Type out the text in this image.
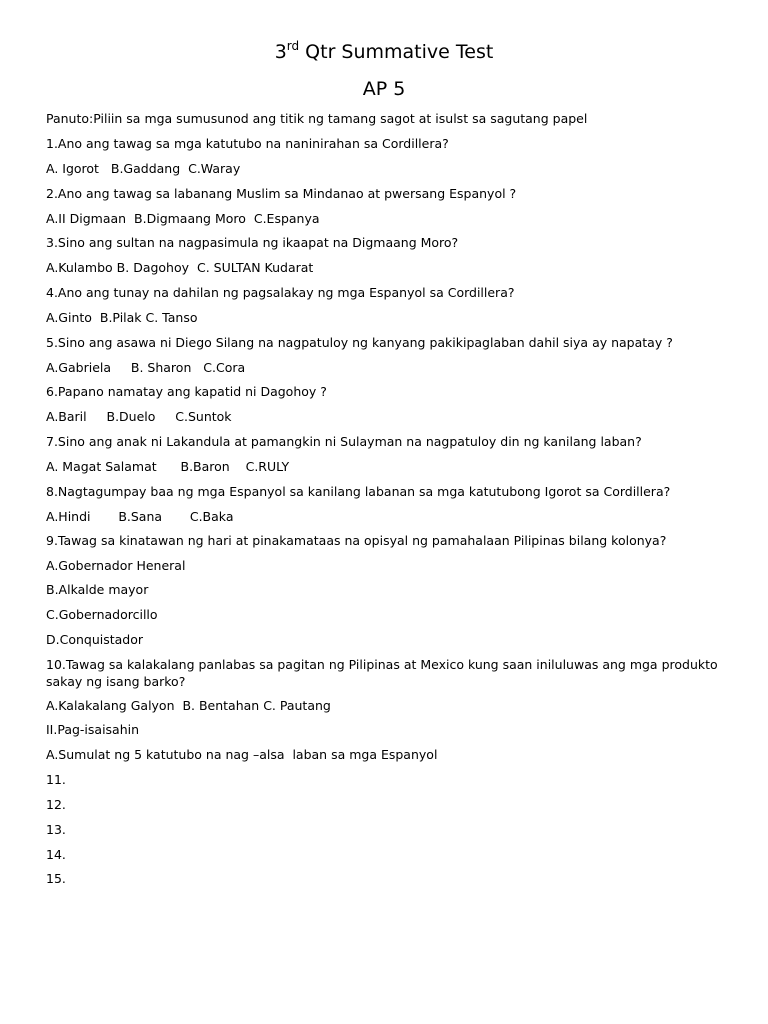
3rd Qtr Summative Test
AP 5
Panuto:Piliin sa mga sumusunod ang titik ng tamang sagot at isulst sa sagutang papel
1.Ano ang tawag sa mga katutubo na naninirahan sa Cordillera?
A. Igorot   B.Gaddang  C.Waray
2.Ano ang tawag sa labanang Muslim sa Mindanao at pwersang Espanyol ?
A.II Digmaan  B.Digmaang Moro  C.Espanya
3.Sino ang sultan na nagpasimula ng ikaapat na Digmaang Moro?
A.Kulambo B. Dagohoy  C. SULTAN Kudarat
4.Ano ang tunay na dahilan ng pagsalakay ng mga Espanyol sa Cordillera?
A.Ginto  B.Pilak C. Tanso
5.Sino ang asawa ni Diego Silang na nagpatuloy ng kanyang pakikipaglaban dahil siya ay napatay ?
A.Gabriela     B. Sharon   C.Cora
6.Papano namatay ang kapatid ni Dagohoy ?
A.Baril     B.Duelo     C.Suntok
7.Sino ang anak ni Lakandula at pamangkin ni Sulayman na nagpatuloy din ng kanilang laban?
A. Magat Salamat      B.Baron    C.RULY
8.Nagtagumpay baa ng mga Espanyol sa kanilang labanan sa mga katutubong Igorot sa Cordillera?
A.Hindi       B.Sana       C.Baka
9.Tawag sa kinatawan ng hari at pinakamataas na opisyal ng pamahalaan Pilipinas bilang kolonya?
A.Gobernador Heneral
B.Alkalde mayor
C.Gobernadorcillo
D.Conquistador
10.Tawag sa kalakalang panlabas sa pagitan ng Pilipinas at Mexico kung saan iniluluwas ang mga produkto sakay ng isang barko?
A.Kalakalang Galyon  B. Bentahan C. Pautang
II.Pag-isaisahin
A.Sumulat ng 5 katutubo na nag –alsa  laban sa mga Espanyol
11.
12.
13.
14.
15.
